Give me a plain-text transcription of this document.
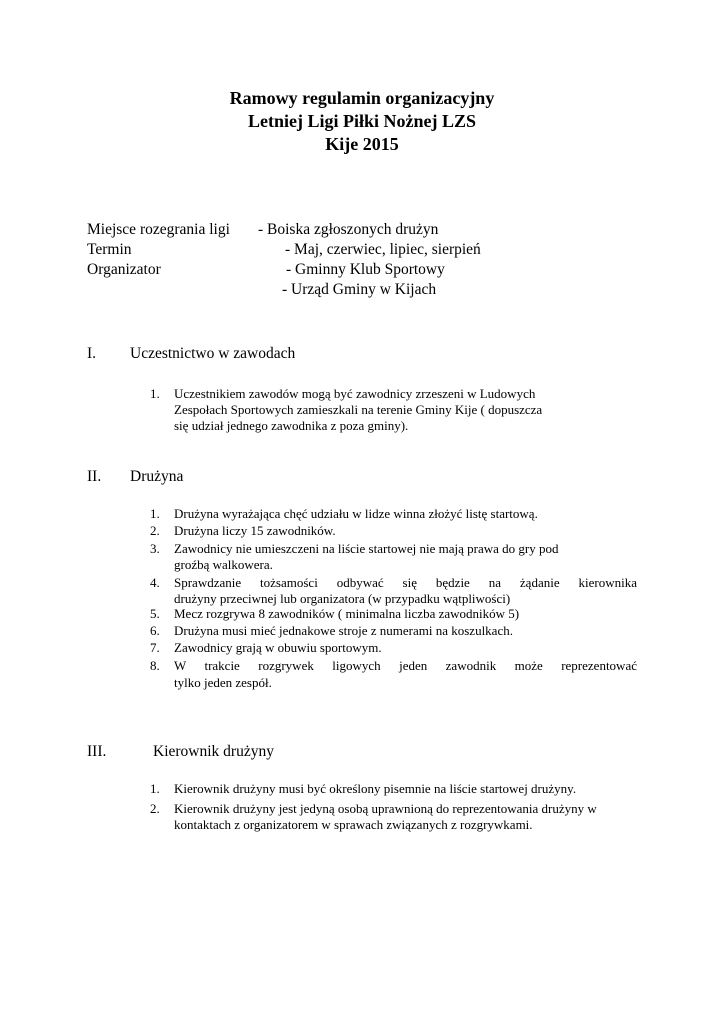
Ramowy regulamin organizacyjny
Letniej Ligi Piłki Nożnej LZS
Kije 2015
Miejsce rozegrania ligi - Boiska zgłoszonych drużyn
Termin	- Maj, czerwiec, lipiec, sierpień
Organizator	- Gminny Klub Sportowy
- Urząd Gminy w Kijach
I. Uczestnictwo w zawodach
1.	Uczestnikiem zawodów mogą być zawodnicy zrzeszeni w Ludowych
Zespołach Sportowych zamieszkali na terenie Gminy Kije ( dopuszcza
się udział jednego zawodnika z poza gminy).
II. Drużyna
1.	Drużyna wyrażająca chęć udziału w lidze winna złożyć listę startową.
2.	Drużyna liczy 15 zawodników.
3.	Zawodnicy nie umieszczeni na liście startowej nie mają prawa do gry pod
groźbą walkowera.
4.	Sprawdzanie tożsamości odbywać się będzie na żądanie kierownika
drużyny przeciwnej lub organizatora (w przypadku wątpliwości)
5.	Mecz rozgrywa 8 zawodników ( minimalna liczba zawodników 5)
6.	Drużyna musi mieć jednakowe stroje z numerami na koszulkach.
7.	Zawodnicy grają w obuwiu sportowym.
8.	W trakcie rozgrywek ligowych jeden zawodnik może reprezentować
tylko jeden zespół.
III.	Kierownik drużyny
1.	Kierownik drużyny musi być określony pisemnie na liście startowej drużyny.
2.	Kierownik drużyny jest jedyną osobą uprawnioną do reprezentowania drużyny w
kontaktach z organizatorem w sprawach związanych z rozgrywkami.
